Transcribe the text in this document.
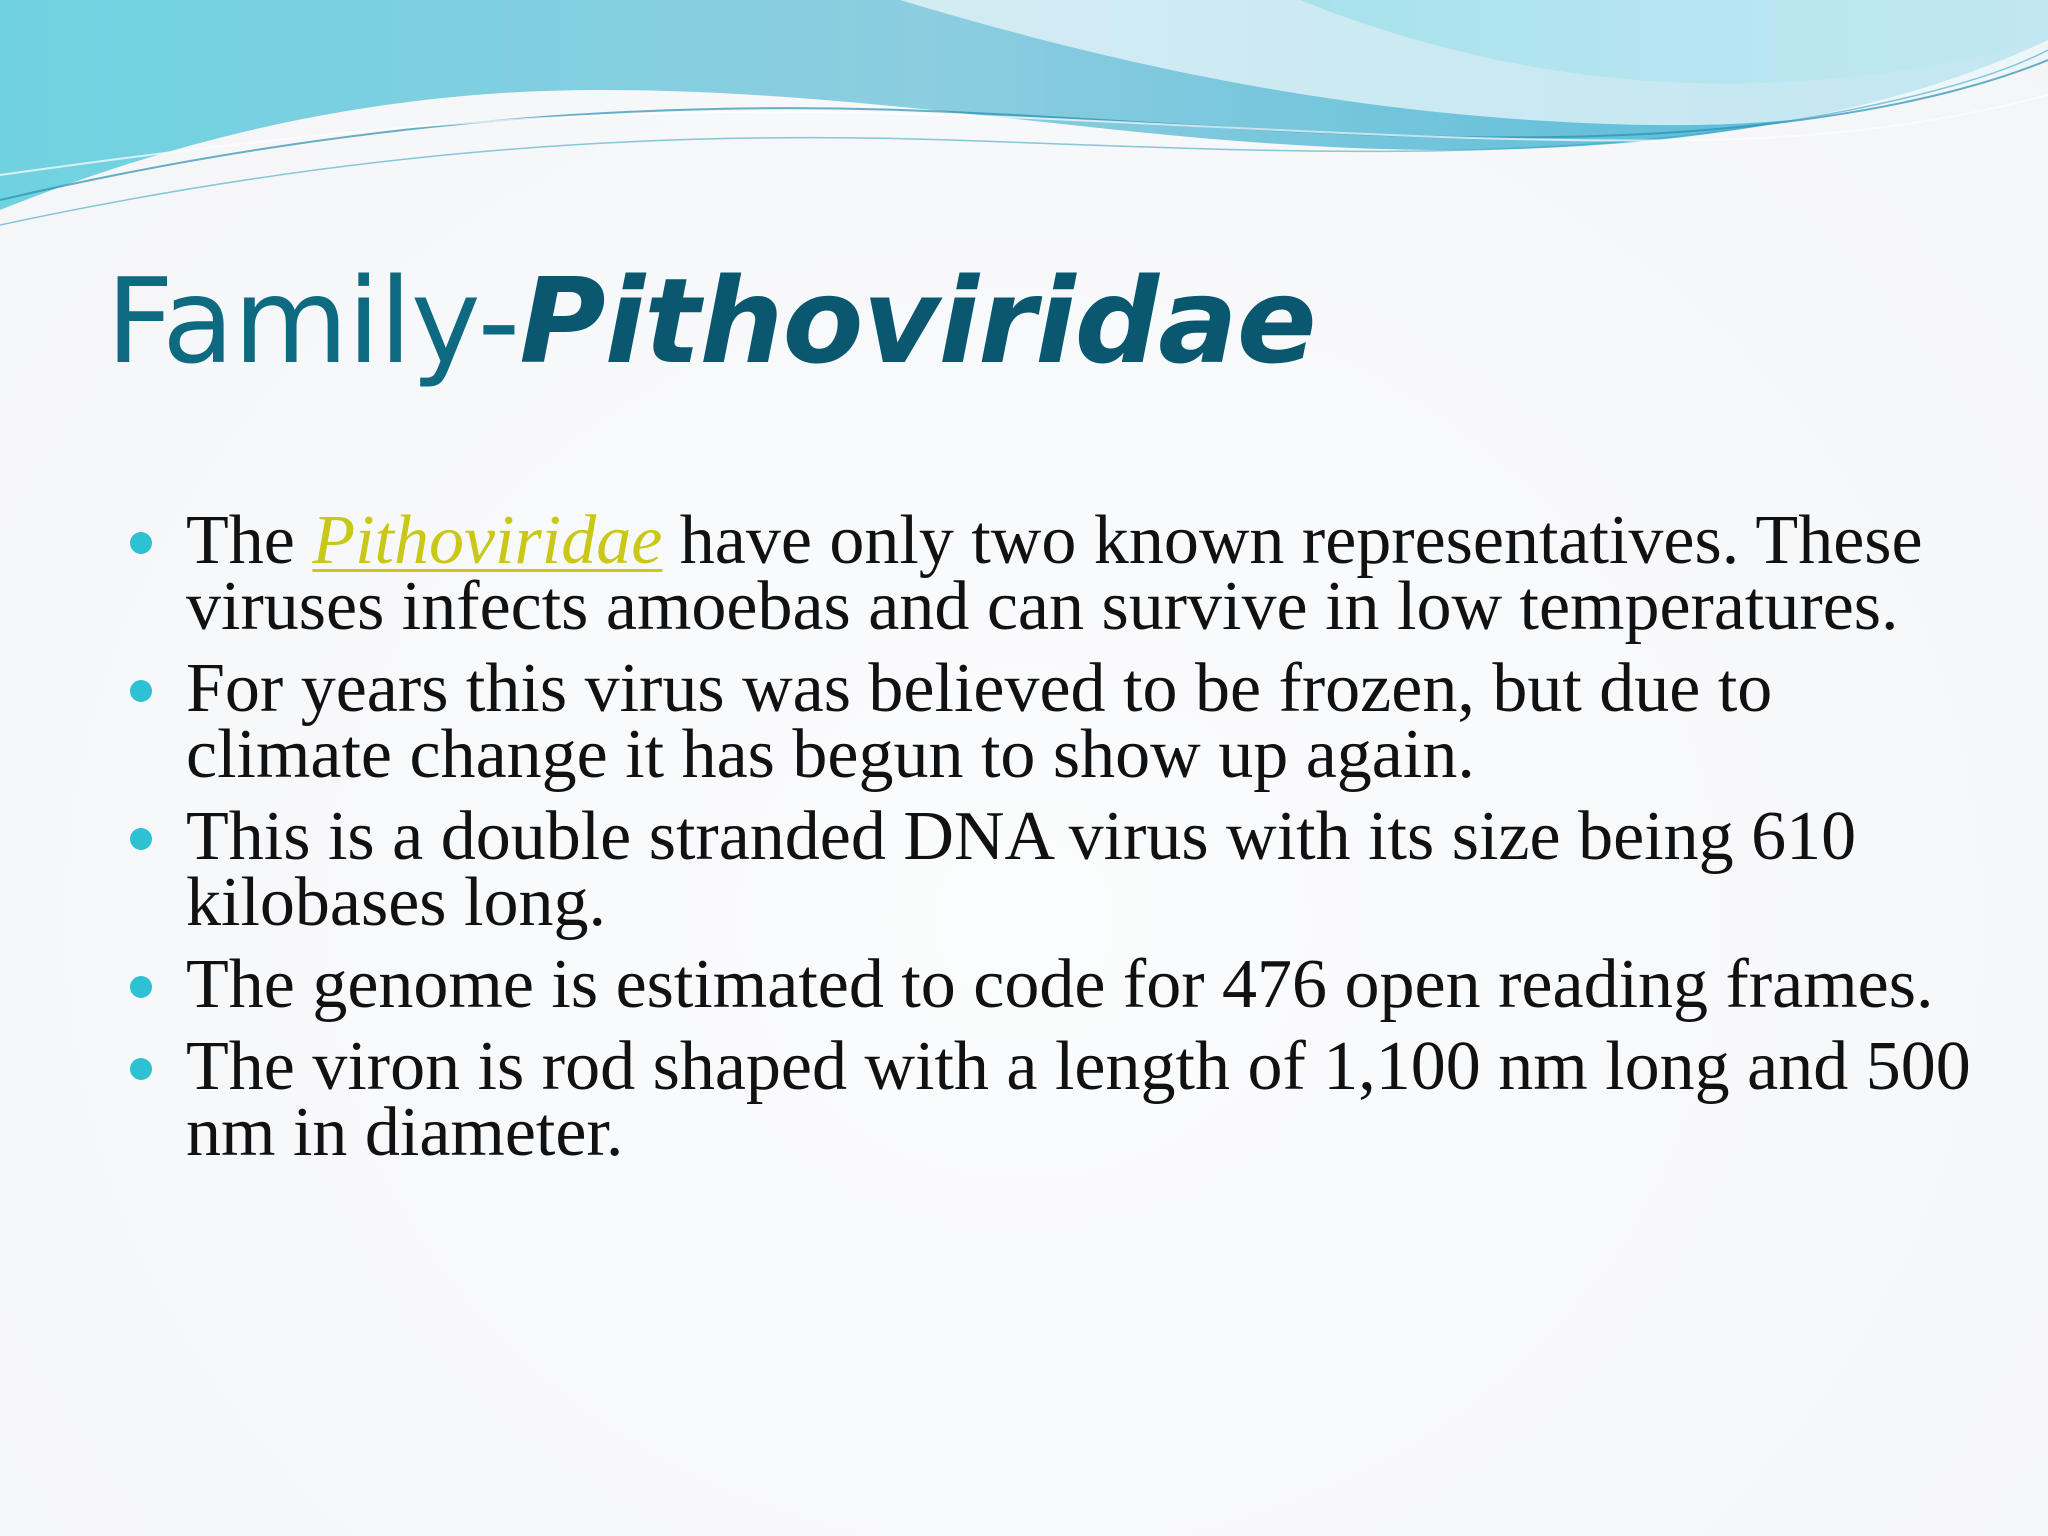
Family-Pithoviridae
The Pithoviridae have only two known representatives. These viruses infects amoebas and can survive in low temperatures.
For years this virus was believed to be frozen, but due to climate change it has begun to show up again.
This is a double stranded DNA virus with its size being 610 kilobases long.
The genome is estimated to code for 476 open reading frames.
The viron is rod shaped with a length of 1,100 nm long and 500 nm in diameter.
